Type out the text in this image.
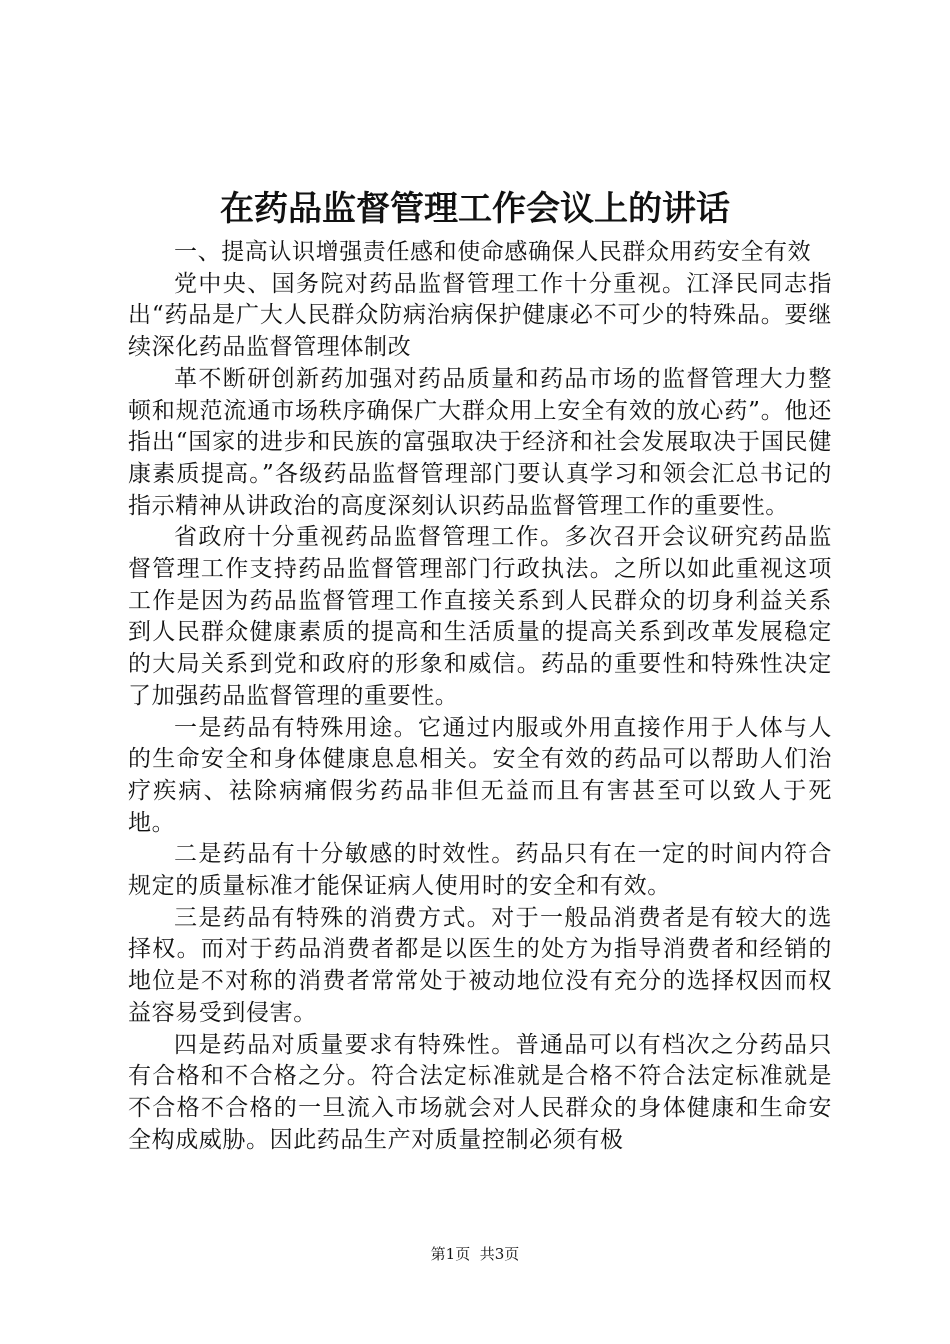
在药品监督管理工作会议上的讲话

一、提高认识增强责任感和使命感确保人民群众用药安全有效

党中央、国务院对药品监督管理工作十分重视。江泽民同志指出“药品是广大人民群众防病治病保护健康必不可少的特殊品。要继续深化药品监督管理体制改

革不断研创新药加强对药品质量和药品市场的监督管理大力整顿和规范流通市场秩序确保广大群众用上安全有效的放心药”。他还指出“国家的进步和民族的富强取决于经济和社会发展取决于国民健康素质提高。”各级药品监督管理部门要认真学习和领会汇总书记的指示精神从讲政治的高度深刻认识药品监督管理工作的重要性。

省政府十分重视药品监督管理工作。多次召开会议研究药品监督管理工作支持药品监督管理部门行政执法。之所以如此重视这项工作是因为药品监督管理工作直接关系到人民群众的切身利益关系到人民群众健康素质的提高和生活质量的提高关系到改革发展稳定的大局关系到党和政府的形象和威信。药品的重要性和特殊性决定了加强药品监督管理的重要性。

一是药品有特殊用途。它通过内服或外用直接作用于人体与人的生命安全和身体健康息息相关。安全有效的药品可以帮助人们治疗疾病、祛除病痛假劣药品非但无益而且有害甚至可以致人于死地。

二是药品有十分敏感的时效性。药品只有在一定的时间内符合规定的质量标准才能保证病人使用时的安全和有效。

三是药品有特殊的消费方式。对于一般品消费者是有较大的选择权。而对于药品消费者都是以医生的处方为指导消费者和经销的地位是不对称的消费者常常处于被动地位没有充分的选择权因而权益容易受到侵害。

四是药品对质量要求有特殊性。普通品可以有档次之分药品只有合格和不合格之分。符合法定标准就是合格不符合法定标准就是不合格不合格的一旦流入市场就会对人民群众的身体健康和生命安全构成威胁。因此药品生产对质量控制必须有极

第1页 共3页
